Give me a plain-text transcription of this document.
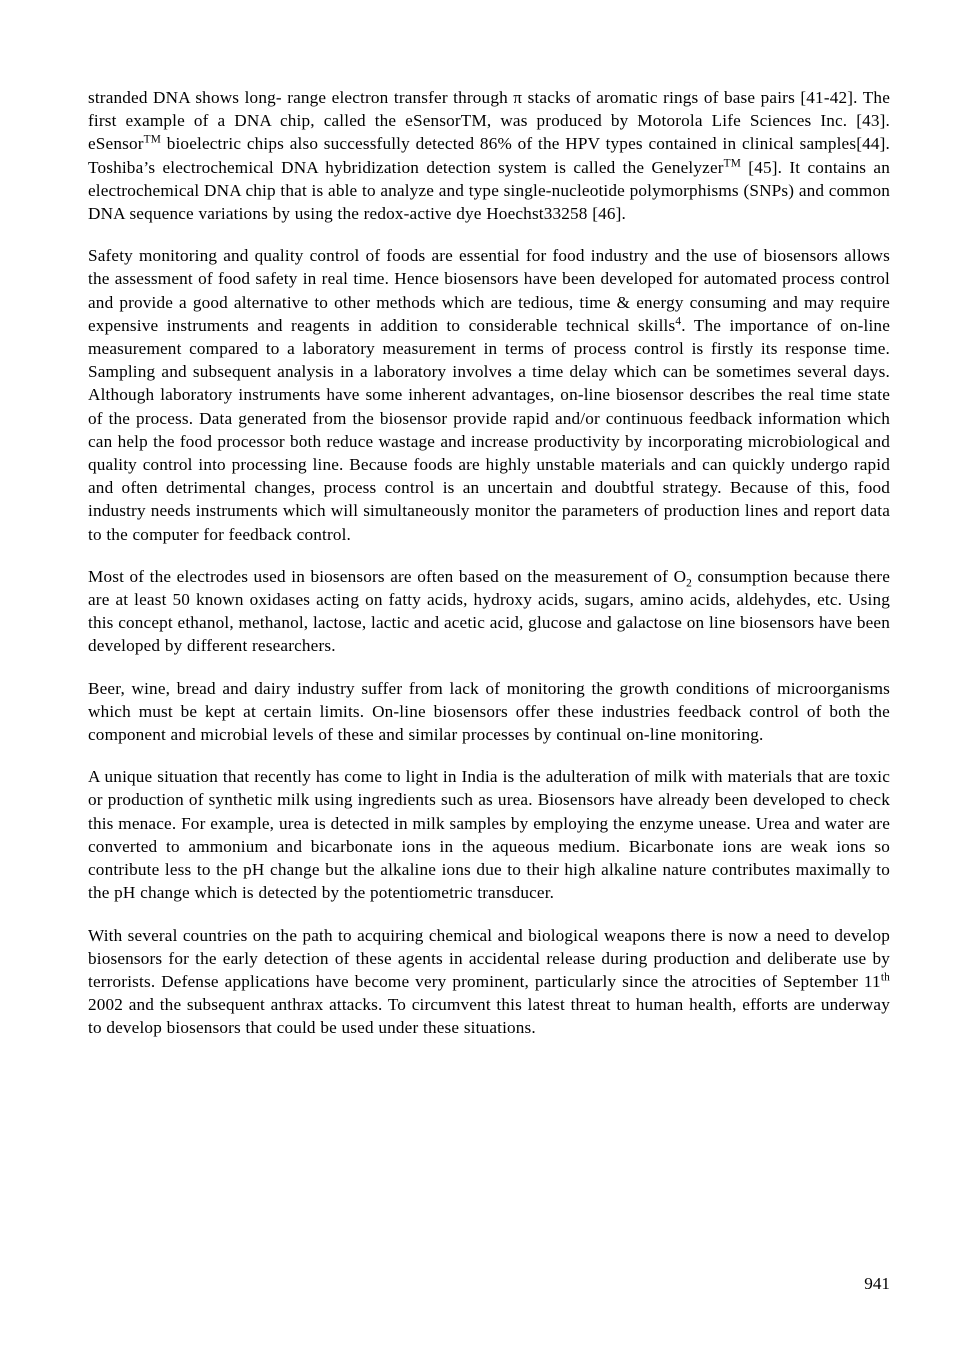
stranded DNA shows long- range electron transfer through π stacks of aromatic rings of base pairs [41-42]. The first example of a DNA chip, called the eSensorTM, was produced by Motorola Life Sciences Inc. [43]. eSensor™ bioelectric chips also successfully detected 86% of the HPV types contained in clinical samples[44]. Toshiba’s electrochemical DNA hybridization detection system is called the Genelyzer™ [45]. It contains an electrochemical DNA chip that is able to analyze and type single-nucleotide polymorphisms (SNPs) and common DNA sequence variations by using the redox-active dye Hoechst33258 [46].

Safety monitoring and quality control of foods are essential for food industry and the use of biosensors allows the assessment of food safety in real time. Hence biosensors have been developed for automated process control and provide a good alternative to other methods which are tedious, time & energy consuming and may require expensive instruments and reagents in addition to considerable technical skills$^4$. The importance of on-line measurement compared to a laboratory measurement in terms of process control is firstly its response time. Sampling and subsequent analysis in a laboratory involves a time delay which can be sometimes several days. Although laboratory instruments have some inherent advantages, on-line biosensor describes the real time state of the process. Data generated from the biosensor provide rapid and/or continuous feedback information which can help the food processor both reduce wastage and increase productivity by incorporating microbiological and quality control into processing line. Because foods are highly unstable materials and can quickly undergo rapid and often detrimental changes, process control is an uncertain and doubtful strategy. Because of this, food industry needs instruments which will simultaneously monitor the parameters of production lines and report data to the computer for feedback control.

Most of the electrodes used in biosensors are often based on the measurement of $O_2$ consumption because there are at least 50 known oxidases acting on fatty acids, hydroxy acids, sugars, amino acids, aldehydes, etc. Using this concept ethanol, methanol, lactose, lactic and acetic acid, glucose and galactose on line biosensors have been developed by different researchers.

Beer, wine, bread and dairy industry suffer from lack of monitoring the growth conditions of microorganisms which must be kept at certain limits. On-line biosensors offer these industries feedback control of both the component and microbial levels of these and similar processes by continual on-line monitoring.

A unique situation that recently has come to light in India is the adulteration of milk with materials that are toxic or production of synthetic milk using ingredients such as urea. Biosensors have already been developed to check this menace. For example, urea is detected in milk samples by employing the enzyme unease. Urea and water are converted to ammonium and bicarbonate ions in the aqueous medium. Bicarbonate ions are weak ions so contribute less to the pH change but the alkaline ions due to their high alkaline nature contributes maximally to the pH change which is detected by the potentiometric transducer.

With several countries on the path to acquiring chemical and biological weapons there is now a need to develop biosensors for the early detection of these agents in accidental release during production and deliberate use by terrorists. Defense applications have become very prominent, particularly since the atrocities of September 11th 2002 and the subsequent anthrax attacks. To circumvent this latest threat to human health, efforts are underway to develop biosensors that could be used under these situations.

941
